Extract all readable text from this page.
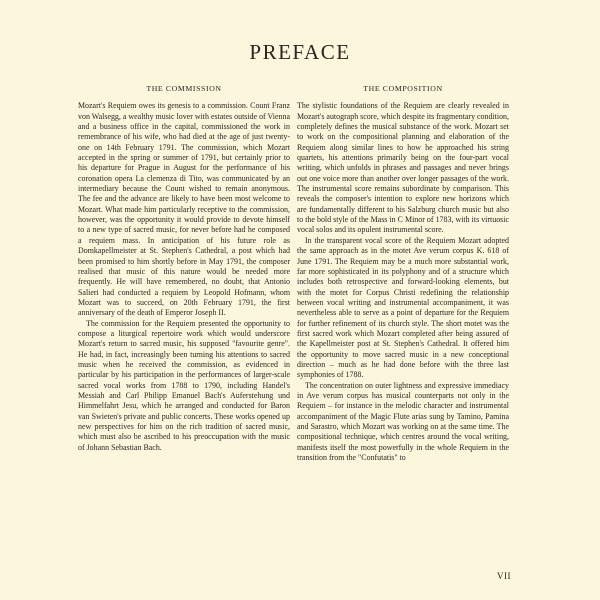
PREFACE
THE COMMISSION

Mozart's Requiem owes its genesis to a commission. Count Franz von Walsegg, a wealthy music lover with estates outside of Vienna and a business office in the capital, commissioned the work in remembrance of his wife, who had died at the age of just twenty-one on 14th February 1791. The commission, which Mozart accepted in the spring or summer of 1791, but certainly prior to his departure for Prague in August for the performance of his coronation opera La clemenza di Tito, was communicated by an intermediary because the Count wished to remain anonymous. The fee and the advance are likely to have been most welcome to Mozart. What made him particularly receptive to the commission, however, was the opportunity it would provide to devote himself to a new type of sacred music, for never before had he composed a requiem mass. In anticipation of his future role as Domkapellmeister at St. Stephen's Cathedral, a post which had been promised to him shortly before in May 1791, the composer realised that music of this nature would be needed more frequently. He will have remembered, no doubt, that Antonio Salieri had conducted a requiem by Leopold Hofmann, whom Mozart was to succeed, on 20th February 1791, the first anniversary of the death of Emperor Joseph II.

The commission for the Requiem presented the opportunity to compose a liturgical repertoire work which would underscore Mozart's return to sacred music, his supposed "favourite genre". He had, in fact, increasingly been turning his attentions to sacred music when he received the commission, as evidenced in particular by his participation in the performances of larger-scale sacred vocal works from 1788 to 1790, including Handel's Messiah and Carl Philipp Emanuel Bach's Auferstehung und Himmelfahrt Jesu, which he arranged and conducted for Baron van Swieten's private and public concerts. These works opened up new perspectives for him on the rich tradition of sacred music, which must also be ascribed to his preoccupation with the music of Johann Sebastian Bach.

THE COMPOSITION

The stylistic foundations of the Requiem are clearly revealed in Mozart's autograph score, which despite its fragmentary condition, completely defines the musical substance of the work. Mozart set to work on the compositional planning and elaboration of the Requiem along similar lines to how he approached his string quartets, his attentions primarily being on the four-part vocal writing, which unfolds in phrases and passages and never brings out one voice more than another over longer passages of the work. The instrumental score remains subordinate by comparison. This reveals the composer's intention to explore new horizons which are fundamentally different to his Salzburg church music but also to the bold style of the Mass in C Minor of 1783, with its virtuosic vocal solos and its opulent instrumental score.

In the transparent vocal score of the Requiem Mozart adopted the same approach as in the motet Ave verum corpus K. 618 of June 1791. The Requiem may be a much more substantial work, far more sophisticated in its polyphony and of a structure which includes both retrospective and forward-looking elements, but with the motet for Corpus Christi redefining the relationship between vocal writing and instrumental accompaniment, it was nevertheless able to serve as a point of departure for the Requiem for further refinement of its church style. The short motet was the first sacred work which Mozart completed after being assured of the Kapellmeister post at St. Stephen's Cathedral. It offered him the opportunity to move sacred music in a new conceptional direction – much as he had done before with the three last symphonies of 1788.

The concentration on outer lightness and expressive immediacy in Ave verum corpus has musical counterparts not only in the Requiem – for instance in the melodic character and instrumental accompaniment of the Magic Flute arias sung by Tamino, Pamina and Sarastro, which Mozart was working on at the same time. The compositional technique, which centres around the vocal writing, manifests itself the most powerfully in the whole Requiem in the transition from the "Confutatis" to

VII
